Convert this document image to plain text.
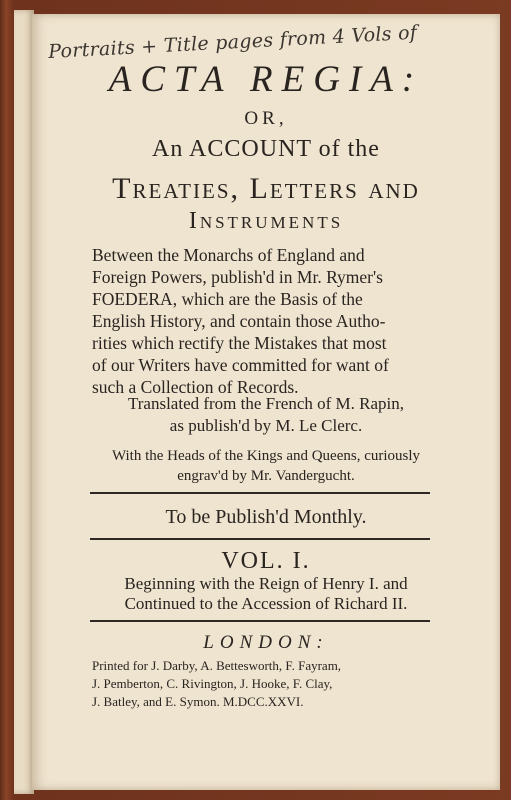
Portraits + Title pages from 4 Vols of
ACTA REGIA:
OR,
An ACCOUNT of the
Treaties, Letters and
Instruments
Between the Monarchs of England and
Foreign Powers, publish'd in Mr. Rymer's
FOEDERA, which are the Basis of the
English History, and contain those Autho-
rities which rectify the Mistakes that most
of our Writers have committed for want of
such a Collection of Records.
Translated from the French of M. Rapin,
as publish'd by M. Le Clerc.
With the Heads of the Kings and Queens, curiously
engrav'd by Mr. Vandergucht.
To be Publish'd Monthly.
VOL. I.
Beginning with the Reign of Henry I. and
Continued to the Accession of Richard II.
LONDON:
Printed for J. Darby, A. Bettesworth, F. Fayram,
J. Pemberton, C. Rivington, J. Hooke, F. Clay,
J. Batley, and E. Symon. M.DCC.XXVI.
